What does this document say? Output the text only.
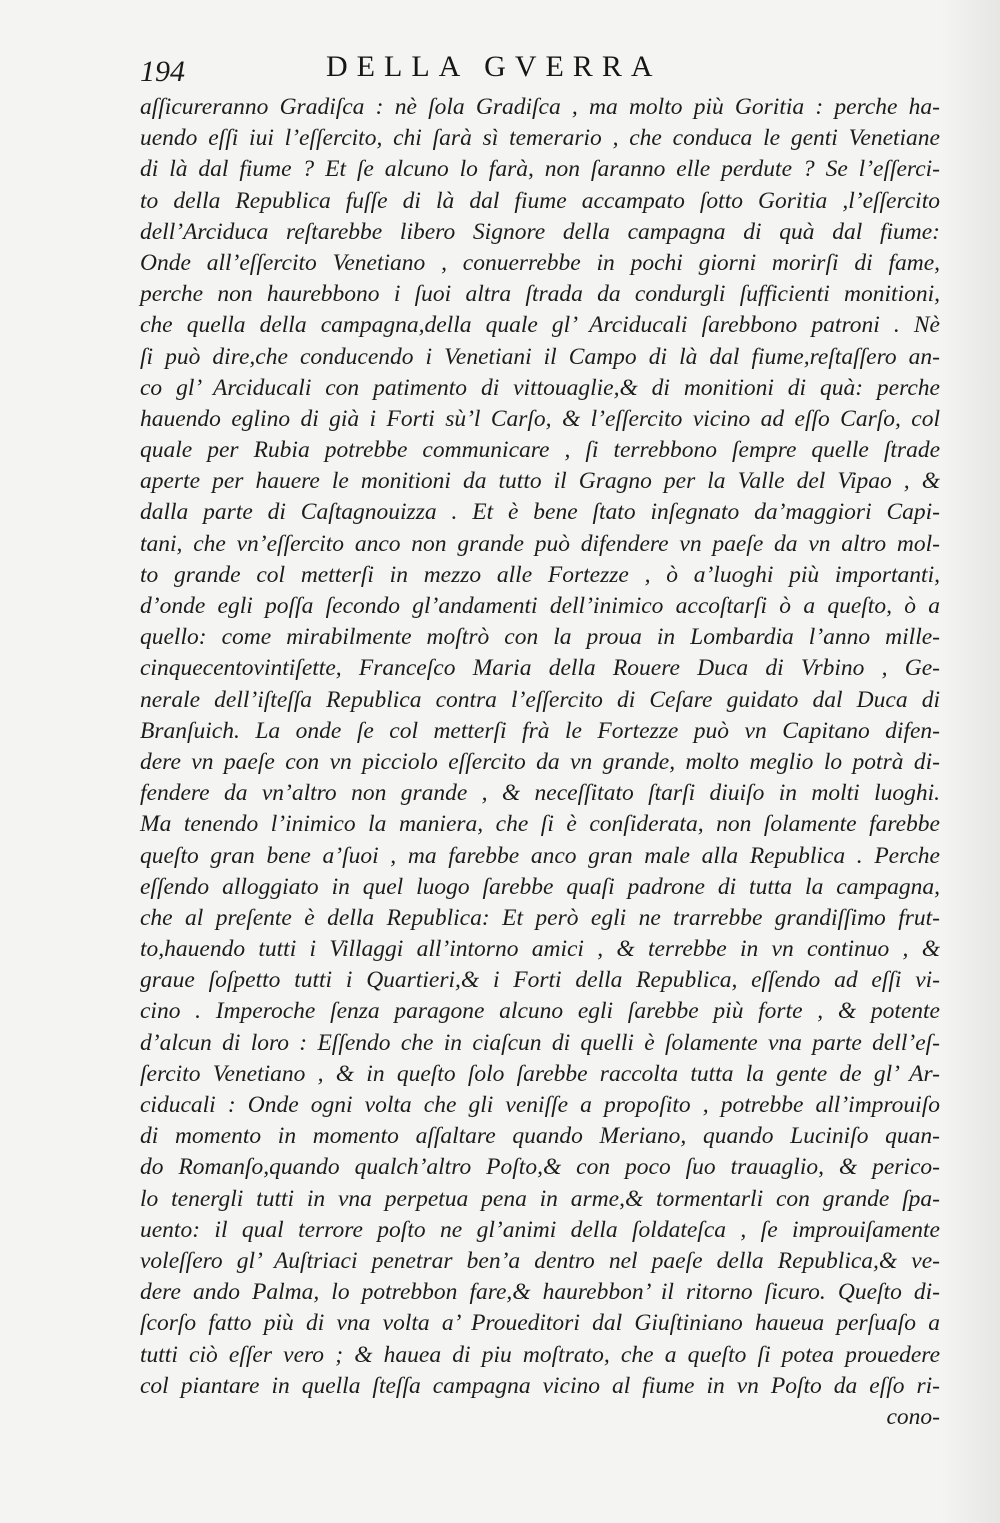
194	DELLA GVERRA
aſſicureranno Gradiſca : nè ſola Gradiſca , ma molto più Goritia : perche ha-
uendo eſſi iui l’eſſercito, chi ſarà sì temerario , che conduca le genti Venetiane
di là dal fiume ? Et ſe alcuno lo farà, non ſaranno elle perdute ? Se l’eſſerci-
to della Republica fuſſe di là dal fiume accampato ſotto Goritia ,l’eſſercito
dell’Arciduca reſtarebbe libero Signore della campagna di quà dal fiume:
Onde all’eſſercito Venetiano , conuerrebbe in pochi giorni morirſi di fame,
perche non haurebbono i ſuoi altra ſtrada da condurgli ſufficienti monitioni,
che quella della campagna,della quale gl’ Arciducali ſarebbono patroni . Nè
ſi può dire,che conducendo i Venetiani il Campo di là dal fiume,reſtaſſero an-
co gl’ Arciducali con patimento di vittouaglie,& di monitioni di quà: perche
hauendo eglino di già i Forti sù’l Carſo, & l’eſſercito vicino ad eſſo Carſo, col
quale per Rubia potrebbe communicare , ſi terrebbono ſempre quelle ſtrade
aperte per hauere le monitioni da tutto il Gragno per la Valle del Vipao , &
dalla parte di Caſtagnouizza . Et è bene ſtato inſegnato da’maggiori Capi-
tani, che vn’eſſercito anco non grande può difendere vn paeſe da vn altro mol-
to grande col metterſi in mezzo alle Fortezze , ò a’luoghi più importanti,
d’onde egli poſſa ſecondo gl’andamenti dell’inimico accoſtarſi ò a queſto, ò a
quello: come mirabilmente moſtrò con la proua in Lombardia l’anno mille-
cinquecentovintiſette, Franceſco Maria della Rouere Duca di Vrbino , Ge-
nerale dell’iſteſſa Republica contra l’eſſercito di Ceſare guidato dal Duca di
Branſuich. La onde ſe col metterſi frà le Fortezze può vn Capitano difen-
dere vn paeſe con vn picciolo eſſercito da vn grande, molto meglio lo potrà di-
fendere da vn’altro non grande , & neceſſitato ſtarſi diuiſo in molti luoghi.
Ma tenendo l’inimico la maniera, che ſi è conſiderata, non ſolamente farebbe
queſto gran bene a’ſuoi , ma farebbe anco gran male alla Republica . Perche
eſſendo alloggiato in quel luogo ſarebbe quaſi padrone di tutta la campagna,
che al preſente è della Republica: Et però egli ne trarrebbe grandiſſimo frut-
to,hauendo tutti i Villaggi all’intorno amici , & terrebbe in vn continuo , &
graue ſoſpetto tutti i Quartieri,& i Forti della Republica, eſſendo ad eſſi vi-
cino . Imperoche ſenza paragone alcuno egli ſarebbe più forte , & potente
d’alcun di loro : Eſſendo che in ciaſcun di quelli è ſolamente vna parte dell’eſ-
ſercito Venetiano , & in queſto ſolo ſarebbe raccolta tutta la gente de gl’ Ar-
ciducali : Onde ogni volta che gli veniſſe a propoſito , potrebbe all’improuiſo
di momento in momento aſſaltare quando Meriano, quando Luciniſo quan-
do Romanſo,quando qualch’altro Poſto,& con poco ſuo trauaglio, & perico-
lo tenergli tutti in vna perpetua pena in arme,& tormentarli con grande ſpa-
uento: il qual terrore poſto ne gl’animi della ſoldateſca , ſe improuiſamente
voleſſero gl’ Auſtriaci penetrar ben’a dentro nel paeſe della Republica,& ve-
dere ando Palma, lo potrebbon fare,& haurebbon’ il ritorno ſicuro. Queſto di-
ſcorſo fatto più di vna volta a’ Proueditori dal Giuſtiniano haueua perſuaſo a
tutti ciò eſſer vero ; & hauea di piu moſtrato, che a queſto ſi potea prouedere
col piantare in quella ſteſſa campagna vicino al fiume in vn Poſto da eſſo ri-
cono-
